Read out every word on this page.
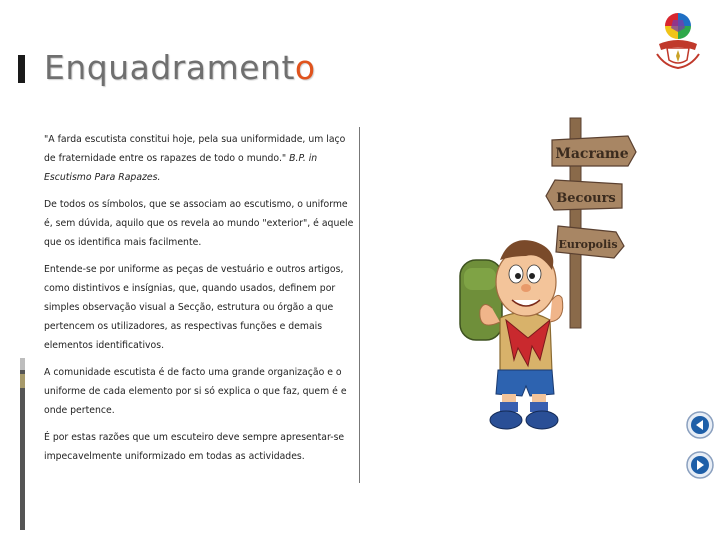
Enquadramento

"A farda escutista constitui hoje, pela sua uniformidade, um laço de fraternidade entre os rapazes de todo o mundo." B.P. in Escutismo Para Rapazes.

De todos os símbolos, que se associam ao escutismo, o uniforme é, sem dúvida, aquilo que os revela ao mundo "exterior", é aquele que os identifica mais facilmente.

Entende-se por uniforme as peças de vestuário e outros artigos, como distintivos e insígnias, que, quando usados, definem por simples observação visual a Secção, estrutura ou órgão a que pertencem os utilizadores, as respectivas funções e demais elementos identificativos.

A comunidade escutista é de facto uma grande organização e o uniforme de cada elemento por si só explica o que faz, quem é e onde pertence.

É por estas razões que um escuteiro deve sempre apresentar-se impecavelmente uniformizado em todas as actividades.

Macrame
Becours
Europolis
